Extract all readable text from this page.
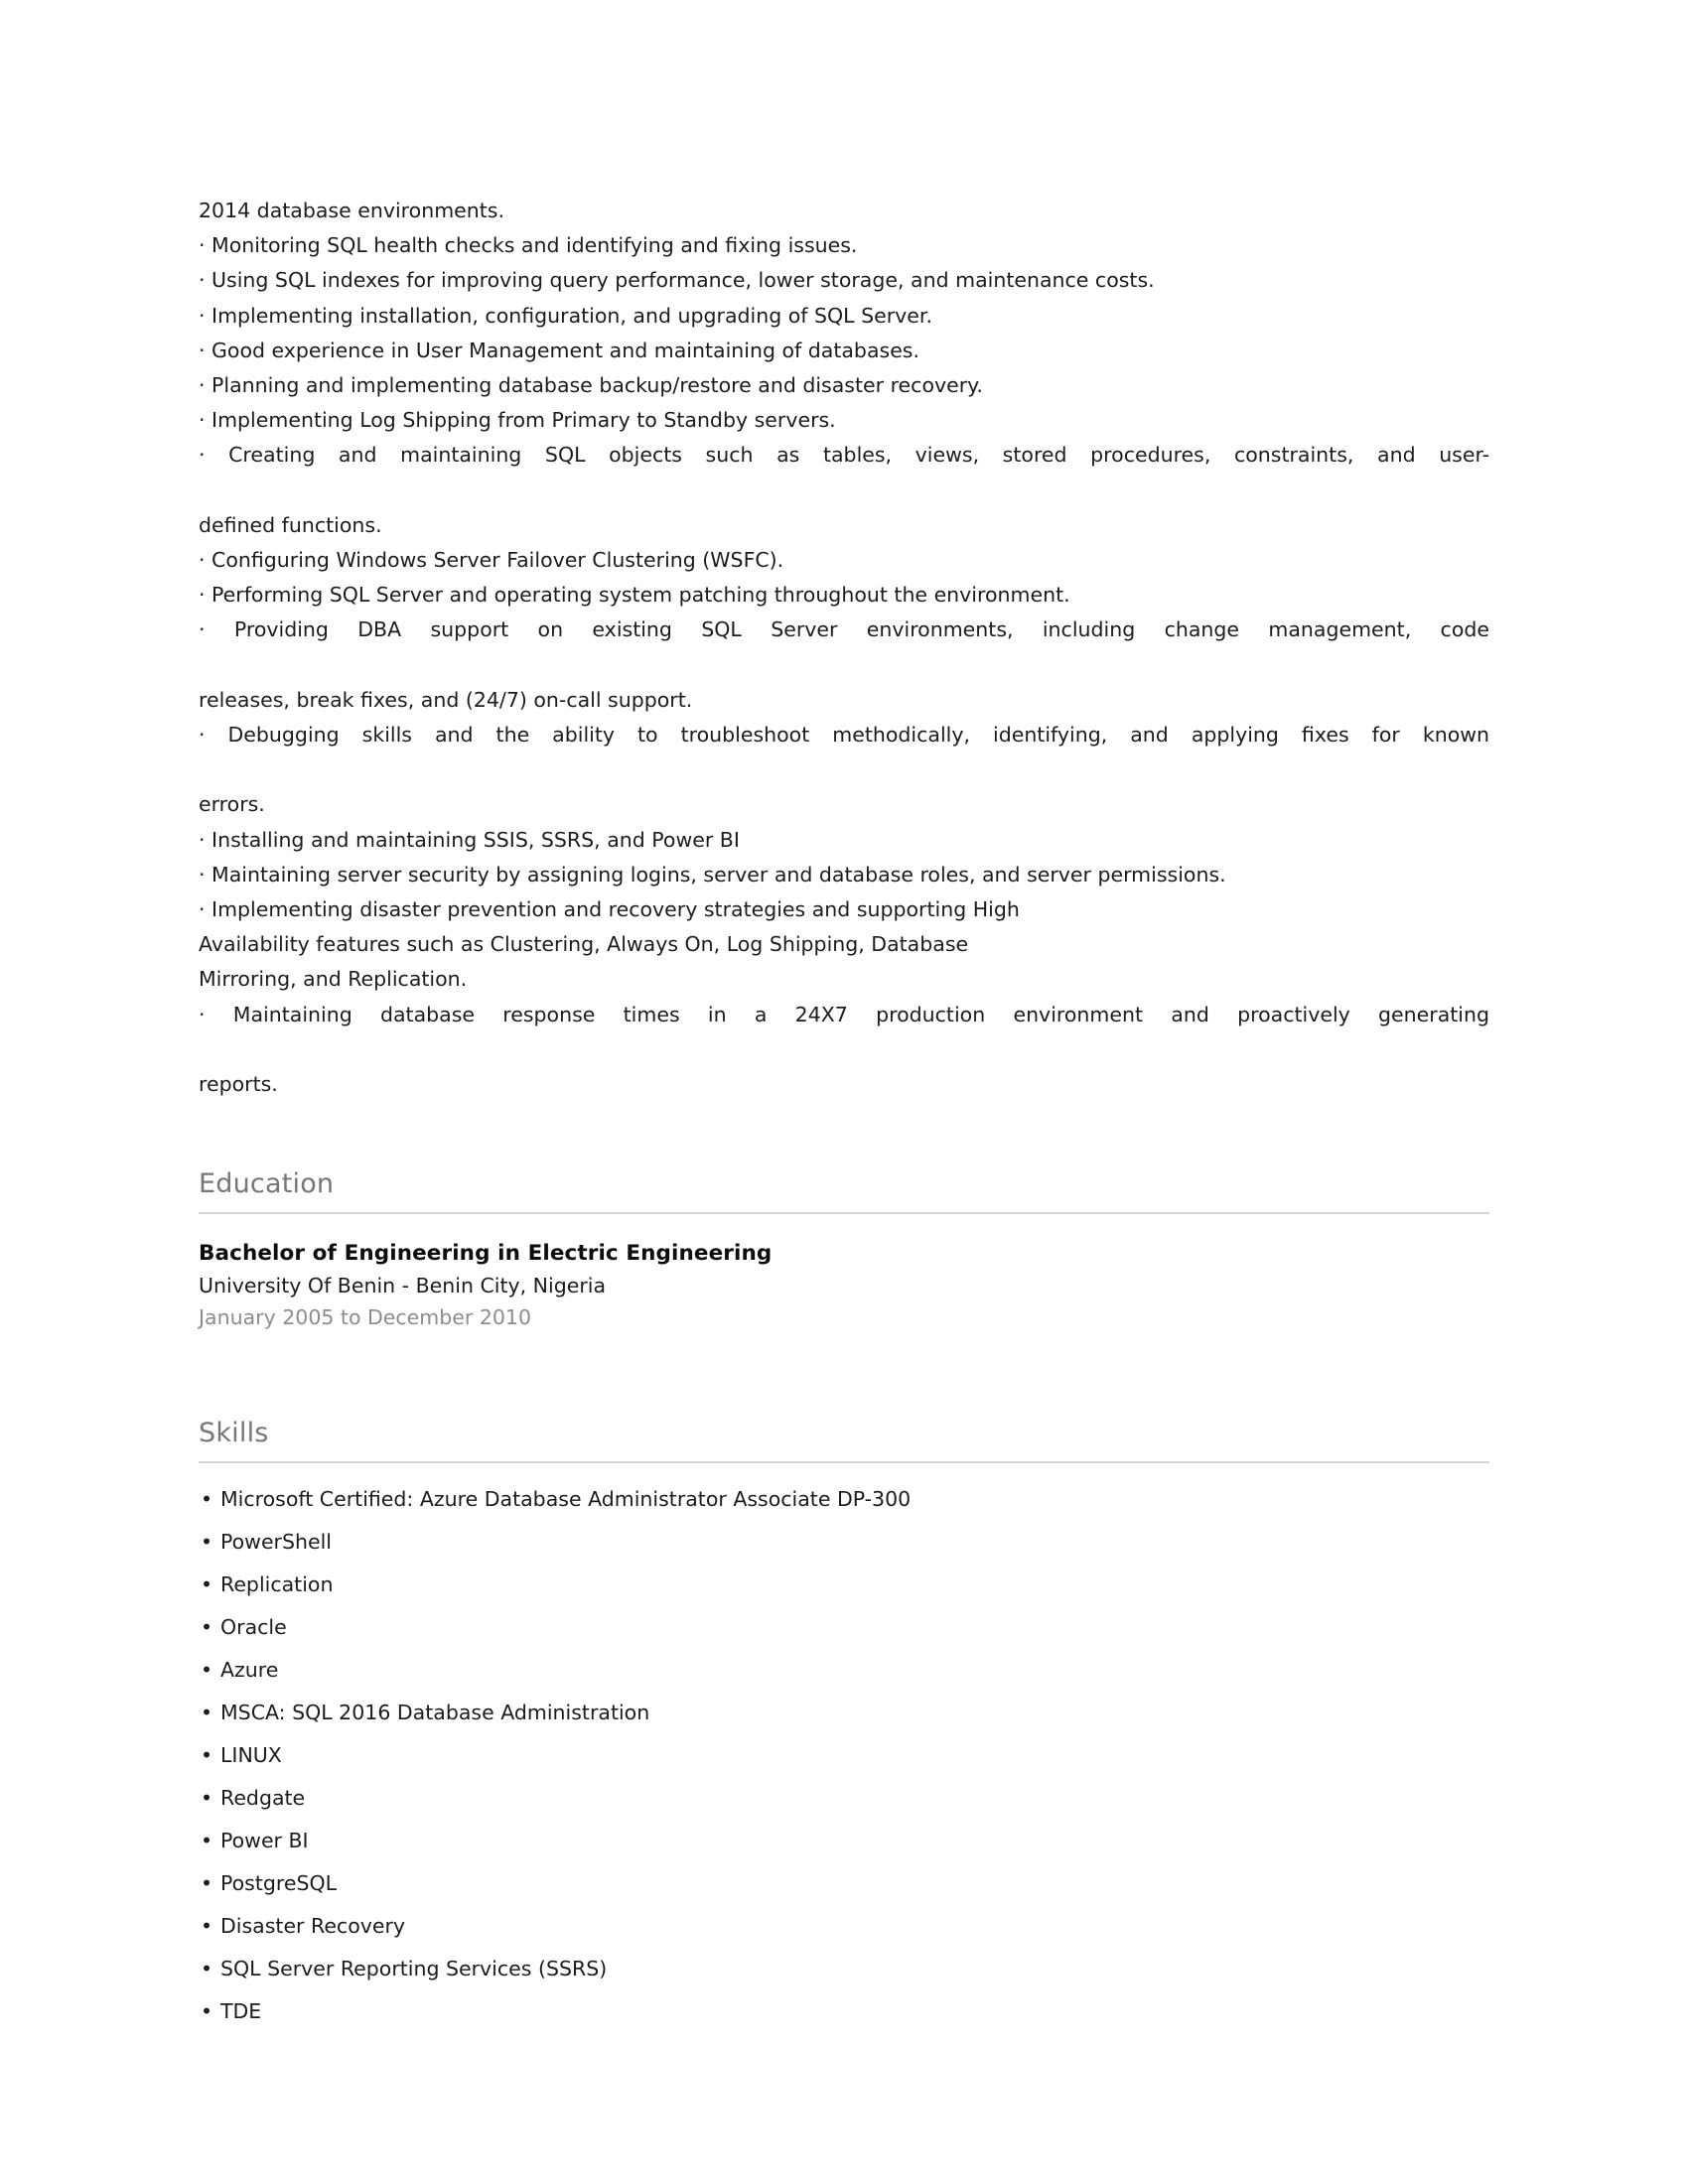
2014 database environments.

· Monitoring SQL health checks and identifying and fixing issues.

· Using SQL indexes for improving query performance, lower storage, and maintenance costs.

· Implementing installation, configuration, and upgrading of SQL Server.

· Good experience in User Management and maintaining of databases.

· Planning and implementing database backup/restore and disaster recovery.

· Implementing Log Shipping from Primary to Standby servers.

· Creating and maintaining SQL objects such as tables, views, stored procedures, constraints, and user-

defined functions.

· Configuring Windows Server Failover Clustering (WSFC).

· Performing SQL Server and operating system patching throughout the environment.

· Providing DBA support on existing SQL Server environments, including change management, code

releases, break fixes, and (24/7) on-call support.

· Debugging skills and the ability to troubleshoot methodically, identifying, and applying fixes for known

errors.

· Installing and maintaining SSIS, SSRS, and Power BI

· Maintaining server security by assigning logins, server and database roles, and server permissions.

· Implementing disaster prevention and recovery strategies and supporting High

Availability features such as Clustering, Always On, Log Shipping, Database

Mirroring, and Replication.

· Maintaining database response times in a 24X7 production environment and proactively generating

reports.

Education
Bachelor of Engineering in Electric Engineering
University Of Benin - Benin City, Nigeria
January 2005 to December 2010
Skills
• Microsoft Certified: Azure Database Administrator Associate DP-300
• PowerShell
• Replication
• Oracle
• Azure
• MSCA: SQL 2016 Database Administration
• LINUX
• Redgate
• Power BI
• PostgreSQL
• Disaster Recovery
• SQL Server Reporting Services (SSRS)
• TDE
